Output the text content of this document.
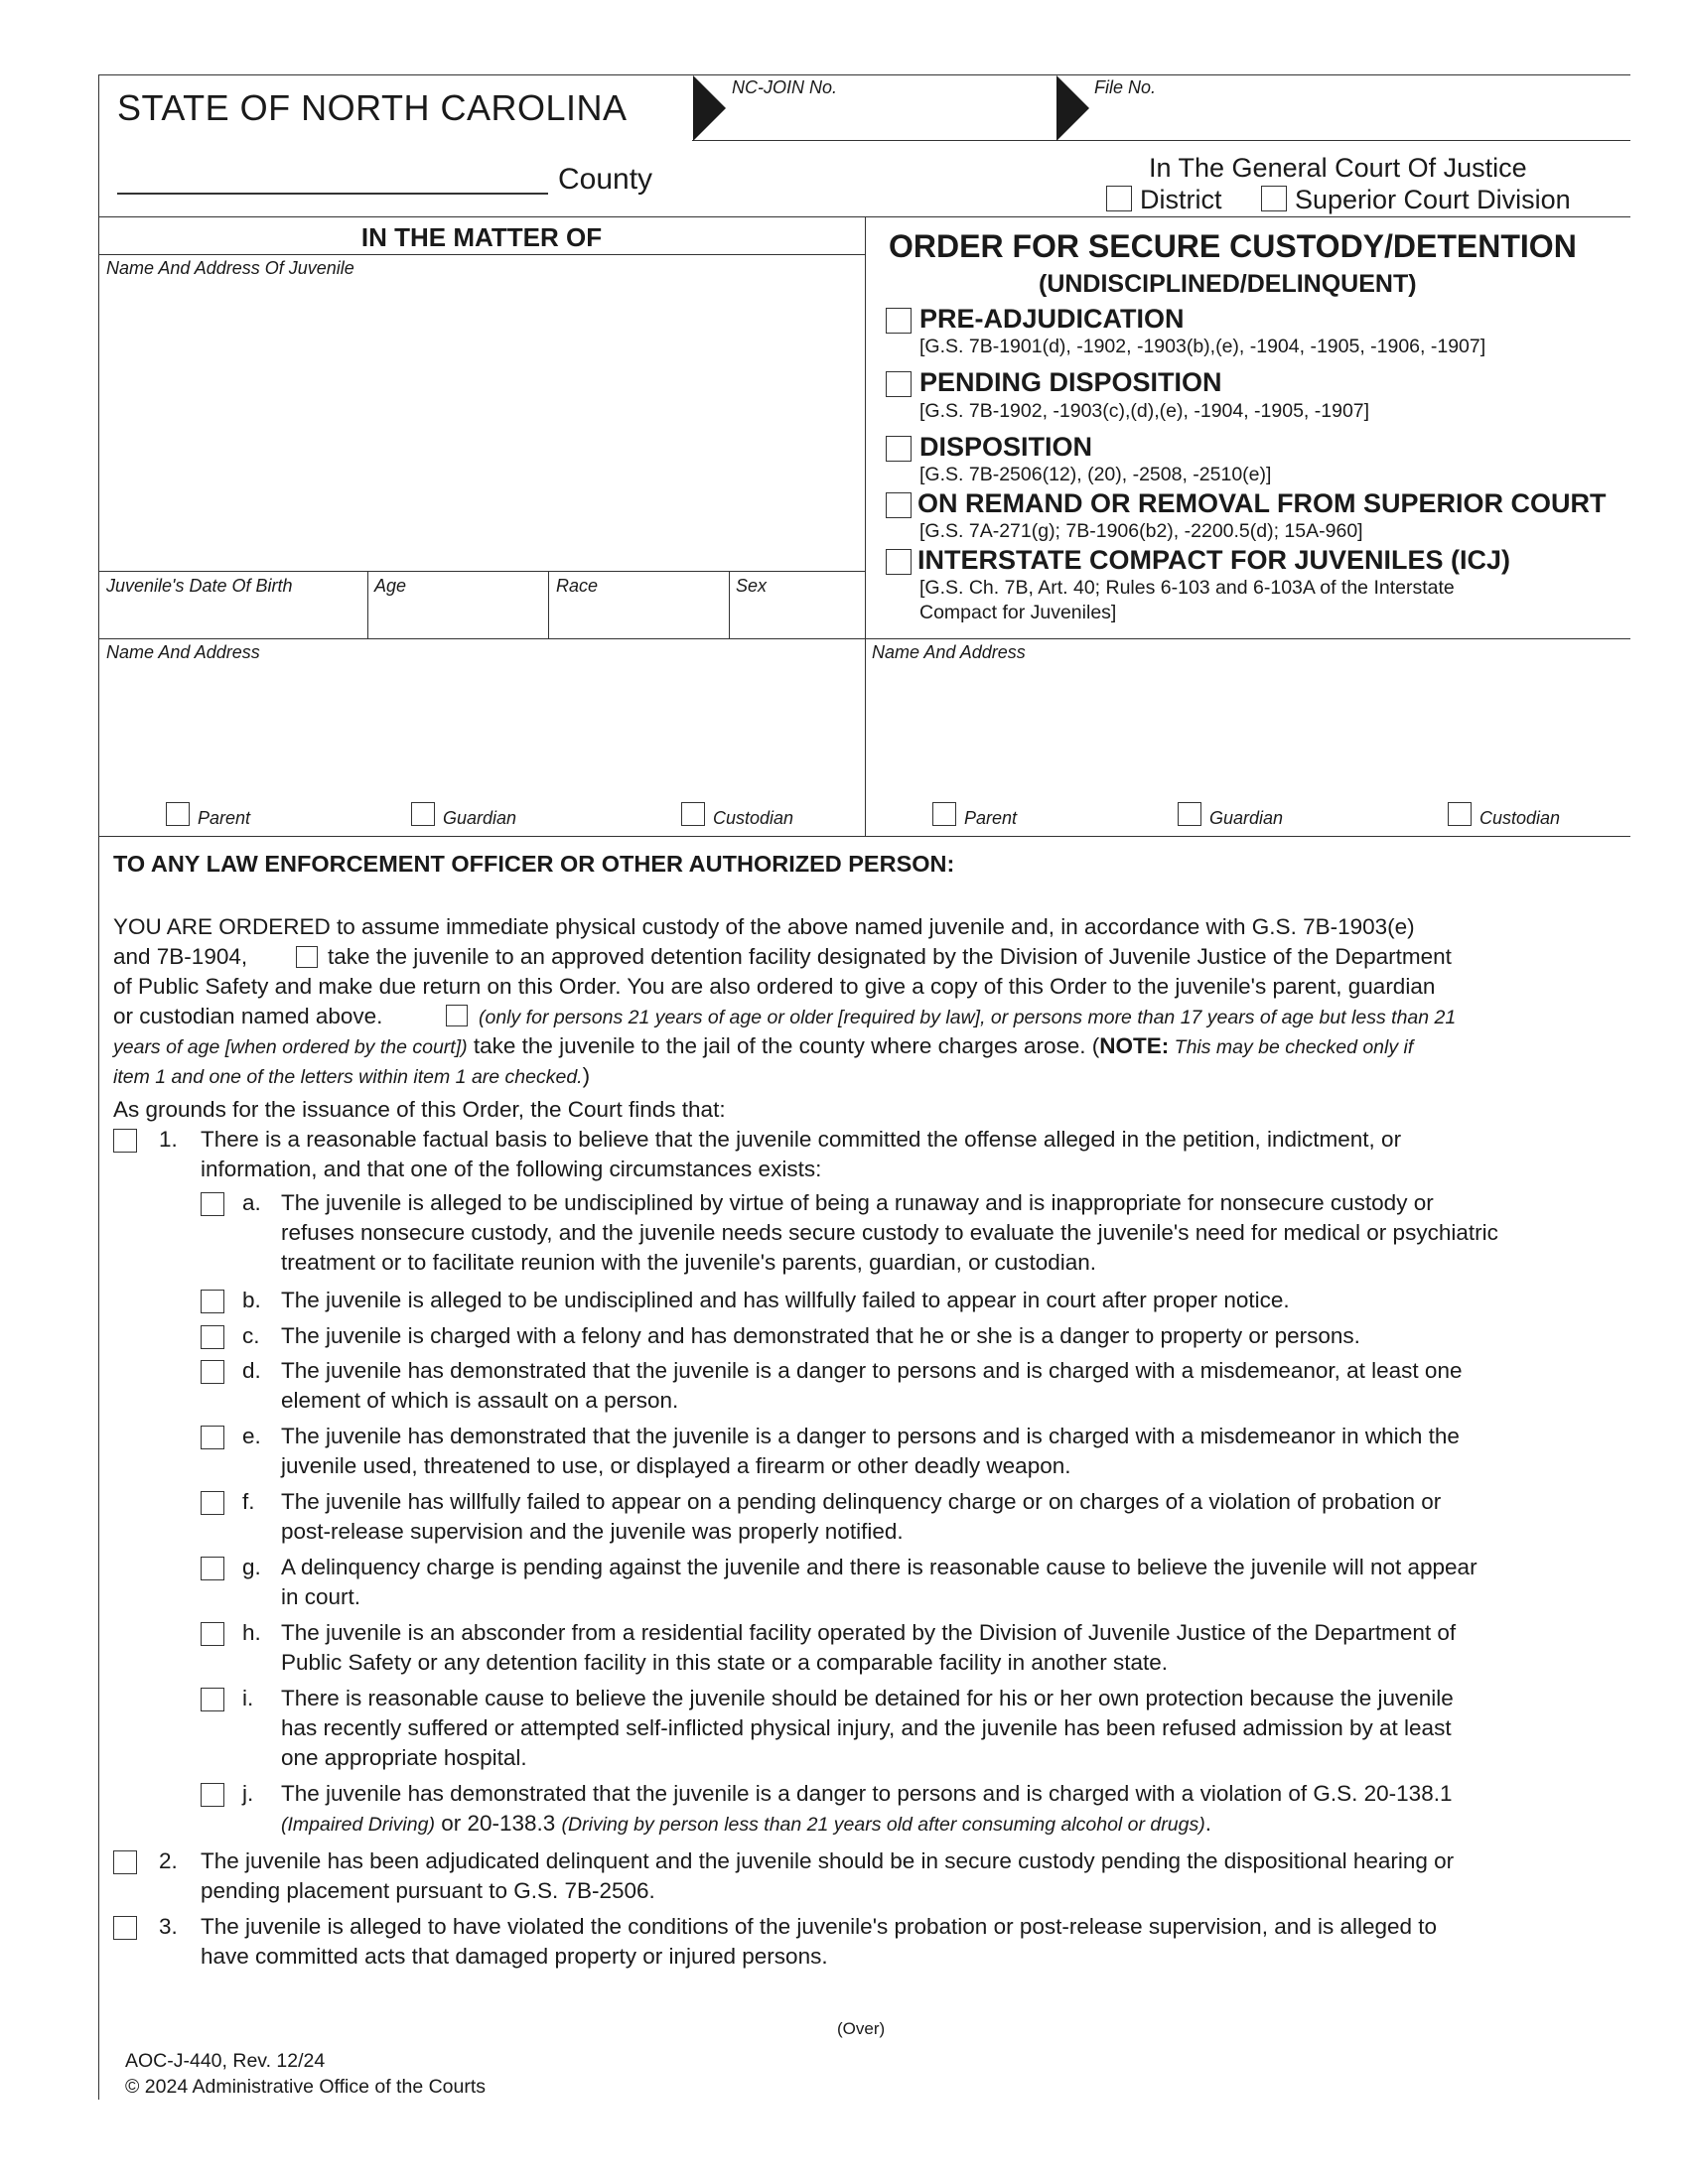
STATE OF NORTH CAROLINA	NC-JOIN No.	File No.
County	In The General Court Of Justice
District	Superior Court Division
IN THE MATTER OF
Name And Address Of Juvenile
Juvenile's Date Of Birth	Age	Race	Sex
ORDER FOR SECURE CUSTODY/DETENTION
(UNDISCIPLINED/DELINQUENT)
PRE-ADJUDICATION
[G.S. 7B-1901(d), -1902, -1903(b),(e), -1904, -1905, -1906, -1907]
PENDING DISPOSITION
[G.S. 7B-1902, -1903(c),(d),(e), -1904, -1905, -1907]
DISPOSITION
[G.S. 7B-2506(12), (20), -2508, -2510(e)]
ON REMAND OR REMOVAL FROM SUPERIOR COURT
[G.S. 7A-271(g); 7B-1906(b2), -2200.5(d); 15A-960]
INTERSTATE COMPACT FOR JUVENILES (ICJ)
[G.S. Ch. 7B, Art. 40; Rules 6-103 and 6-103A of the Interstate
Compact for Juveniles]
Name And Address
Parent	Guardian	Custodian
Name And Address
Parent	Guardian	Custodian
TO ANY LAW ENFORCEMENT OFFICER OR OTHER AUTHORIZED PERSON:
YOU ARE ORDERED to assume immediate physical custody of the above named juvenile and, in accordance with G.S. 7B-1903(e)
and 7B-1904,	take the juvenile to an approved detention facility designated by the Division of Juvenile Justice of the Department
of Public Safety and make due return on this Order. You are also ordered to give a copy of this Order to the juvenile's parent, guardian
or custodian named above.	(only for persons 21 years of age or older [required by law], or persons more than 17 years of age but less than 21
years of age [when ordered by the court]) take the juvenile to the jail of the county where charges arose. (NOTE: This may be checked only if
item 1 and one of the letters within item 1 are checked.)
As grounds for the issuance of this Order, the Court finds that:
1. There is a reasonable factual basis to believe that the juvenile committed the offense alleged in the petition, indictment, or
information, and that one of the following circumstances exists:
a. The juvenile is alleged to be undisciplined by virtue of being a runaway and is inappropriate for nonsecure custody or
refuses nonsecure custody, and the juvenile needs secure custody to evaluate the juvenile's need for medical or psychiatric
treatment or to facilitate reunion with the juvenile's parents, guardian, or custodian.
b. The juvenile is alleged to be undisciplined and has willfully failed to appear in court after proper notice.
c. The juvenile is charged with a felony and has demonstrated that he or she is a danger to property or persons.
d. The juvenile has demonstrated that the juvenile is a danger to persons and is charged with a misdemeanor, at least one
element of which is assault on a person.
e. The juvenile has demonstrated that the juvenile is a danger to persons and is charged with a misdemeanor in which the
juvenile used, threatened to use, or displayed a firearm or other deadly weapon.
f. The juvenile has willfully failed to appear on a pending delinquency charge or on charges of a violation of probation or
post-release supervision and the juvenile was properly notified.
g. A delinquency charge is pending against the juvenile and there is reasonable cause to believe the juvenile will not appear
in court.
h. The juvenile is an absconder from a residential facility operated by the Division of Juvenile Justice of the Department of
Public Safety or any detention facility in this state or a comparable facility in another state.
i. There is reasonable cause to believe the juvenile should be detained for his or her own protection because the juvenile
has recently suffered or attempted self-inflicted physical injury, and the juvenile has been refused admission by at least
one appropriate hospital.
j. The juvenile has demonstrated that the juvenile is a danger to persons and is charged with a violation of G.S. 20-138.1
(Impaired Driving) or 20-138.3 (Driving by person less than 21 years old after consuming alcohol or drugs).
2. The juvenile has been adjudicated delinquent and the juvenile should be in secure custody pending the dispositional hearing or
pending placement pursuant to G.S. 7B-2506.
3. The juvenile is alleged to have violated the conditions of the juvenile's probation or post-release supervision, and is alleged to
have committed acts that damaged property or injured persons.
(Over)
AOC-J-440, Rev. 12/24
© 2024 Administrative Office of the Courts
